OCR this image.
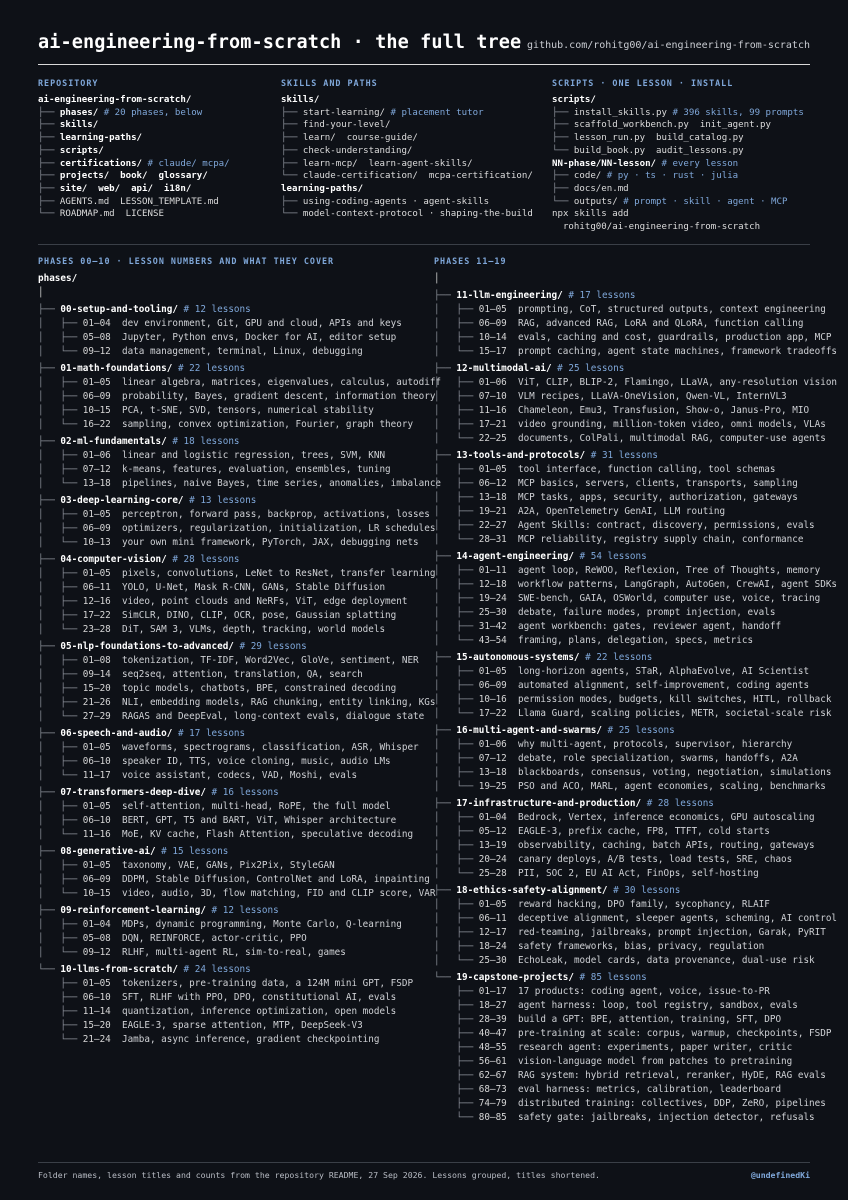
ai-engineering-from-scratch · the full tree github.com/rohitg00/ai-engineering-from-scratch
REPOSITORY
ai-engineering-from-scratch/
├── phases/ # 20 phases, below
├── skills/
├── learning-paths/
├── scripts/
├── certifications/ # claude/ mcpa/
├── projects/  book/  glossary/
├── site/  web/  api/  i18n/
├── AGENTS.md  LESSON_TEMPLATE.md
└── ROADMAP.md  LICENSE
SKILLS AND PATHS
skills/
├── start-learning/ # placement tutor
├── find-your-level/
├── learn/  course-guide/
├── check-understanding/
├── learn-mcp/  learn-agent-skills/
└── claude-certification/  mcpa-certification/
learning-paths/
├── using-coding-agents · agent-skills
└── model-context-protocol · shaping-the-build
SCRIPTS · ONE LESSON · INSTALL
scripts/
├── install_skills.py # 396 skills, 99 prompts
├── scaffold_workbench.py  init_agent.py
├── lesson_run.py  build_catalog.py
└── build_book.py  audit_lessons.py
NN-phase/NN-lesson/ # every lesson
├── code/ # py · ts · rust · julia
├── docs/en.md
└── outputs/ # prompt · skill · agent · MCP
npx skills add
rohitg00/ai-engineering-from-scratch
PHASES 00–10 · LESSON NUMBERS AND WHAT THEY COVER
phases/
│
├── 00-setup-and-tooling/ # 12 lessons
│   ├── 01–04 dev environment, Git, GPU and cloud, APIs and keys
│   ├── 05–08 Jupyter, Python envs, Docker for AI, editor setup
│   └── 09–12 data management, terminal, Linux, debugging
├── 01-math-foundations/ # 22 lessons
│   ├── 01–05 linear algebra, matrices, eigenvalues, calculus, autodiff
│   ├── 06–09 probability, Bayes, gradient descent, information theory
│   ├── 10–15 PCA, t-SNE, SVD, tensors, numerical stability
│   └── 16–22 sampling, convex optimization, Fourier, graph theory
├── 02-ml-fundamentals/ # 18 lessons
│   ├── 01–06 linear and logistic regression, trees, SVM, KNN
│   ├── 07–12 k-means, features, evaluation, ensembles, tuning
│   └── 13–18 pipelines, naive Bayes, time series, anomalies, imbalance
├── 03-deep-learning-core/ # 13 lessons
│   ├── 01–05 perceptron, forward pass, backprop, activations, losses
│   ├── 06–09 optimizers, regularization, initialization, LR schedules
│   └── 10–13 your own mini framework, PyTorch, JAX, debugging nets
├── 04-computer-vision/ # 28 lessons
│   ├── 01–05 pixels, convolutions, LeNet to ResNet, transfer learning
│   ├── 06–11 YOLO, U-Net, Mask R-CNN, GANs, Stable Diffusion
│   ├── 12–16 video, point clouds and NeRFs, ViT, edge deployment
│   ├── 17–22 SimCLR, DINO, CLIP, OCR, pose, Gaussian splatting
│   └── 23–28 DiT, SAM 3, VLMs, depth, tracking, world models
├── 05-nlp-foundations-to-advanced/ # 29 lessons
│   ├── 01–08 tokenization, TF-IDF, Word2Vec, GloVe, sentiment, NER
│   ├── 09–14 seq2seq, attention, translation, QA, search
│   ├── 15–20 topic models, chatbots, BPE, constrained decoding
│   ├── 21–26 NLI, embedding models, RAG chunking, entity linking, KGs
│   └── 27–29 RAGAS and DeepEval, long-context evals, dialogue state
├── 06-speech-and-audio/ # 17 lessons
│   ├── 01–05 waveforms, spectrograms, classification, ASR, Whisper
│   ├── 06–10 speaker ID, TTS, voice cloning, music, audio LMs
│   └── 11–17 voice assistant, codecs, VAD, Moshi, evals
├── 07-transformers-deep-dive/ # 16 lessons
│   ├── 01–05 self-attention, multi-head, RoPE, the full model
│   ├── 06–10 BERT, GPT, T5 and BART, ViT, Whisper architecture
│   └── 11–16 MoE, KV cache, Flash Attention, speculative decoding
├── 08-generative-ai/ # 15 lessons
│   ├── 01–05 taxonomy, VAE, GANs, Pix2Pix, StyleGAN
│   ├── 06–09 DDPM, Stable Diffusion, ControlNet and LoRA, inpainting
│   └── 10–15 video, audio, 3D, flow matching, FID and CLIP score, VAR
├── 09-reinforcement-learning/ # 12 lessons
│   ├── 01–04 MDPs, dynamic programming, Monte Carlo, Q-learning
│   ├── 05–08 DQN, REINFORCE, actor-critic, PPO
│   └── 09–12 RLHF, multi-agent RL, sim-to-real, games
└── 10-llms-from-scratch/ # 24 lessons
├── 01–05 tokenizers, pre-training data, a 124M mini GPT, FSDP
├── 06–10 SFT, RLHF with PPO, DPO, constitutional AI, evals
├── 11–14 quantization, inference optimization, open models
├── 15–20 EAGLE-3, sparse attention, MTP, DeepSeek-V3
└── 21–24 Jamba, async inference, gradient checkpointing
PHASES 11–19
│
├── 11-llm-engineering/ # 17 lessons
│   ├── 01–05 prompting, CoT, structured outputs, context engineering
│   ├── 06–09 RAG, advanced RAG, LoRA and QLoRA, function calling
│   ├── 10–14 evals, caching and cost, guardrails, production app, MCP
│   └── 15–17 prompt caching, agent state machines, framework tradeoffs
├── 12-multimodal-ai/ # 25 lessons
│   ├── 01–06 ViT, CLIP, BLIP-2, Flamingo, LLaVA, any-resolution vision
│   ├── 07–10 VLM recipes, LLaVA-OneVision, Qwen-VL, InternVL3
│   ├── 11–16 Chameleon, Emu3, Transfusion, Show-o, Janus-Pro, MIO
│   ├── 17–21 video grounding, million-token video, omni models, VLAs
│   └── 22–25 documents, ColPali, multimodal RAG, computer-use agents
├── 13-tools-and-protocols/ # 31 lessons
│   ├── 01–05 tool interface, function calling, tool schemas
│   ├── 06–12 MCP basics, servers, clients, transports, sampling
│   ├── 13–18 MCP tasks, apps, security, authorization, gateways
│   ├── 19–21 A2A, OpenTelemetry GenAI, LLM routing
│   ├── 22–27 Agent Skills: contract, discovery, permissions, evals
│   └── 28–31 MCP reliability, registry supply chain, conformance
├── 14-agent-engineering/ # 54 lessons
│   ├── 01–11 agent loop, ReWOO, Reflexion, Tree of Thoughts, memory
│   ├── 12–18 workflow patterns, LangGraph, AutoGen, CrewAI, agent SDKs
│   ├── 19–24 SWE-bench, GAIA, OSWorld, computer use, voice, tracing
│   ├── 25–30 debate, failure modes, prompt injection, evals
│   ├── 31–42 agent workbench: gates, reviewer agent, handoff
│   └── 43–54 framing, plans, delegation, specs, metrics
├── 15-autonomous-systems/ # 22 lessons
│   ├── 01–05 long-horizon agents, STaR, AlphaEvolve, AI Scientist
│   ├── 06–09 automated alignment, self-improvement, coding agents
│   ├── 10–16 permission modes, budgets, kill switches, HITL, rollback
│   └── 17–22 Llama Guard, scaling policies, METR, societal-scale risk
├── 16-multi-agent-and-swarms/ # 25 lessons
│   ├── 01–06 why multi-agent, protocols, supervisor, hierarchy
│   ├── 07–12 debate, role specialization, swarms, handoffs, A2A
│   ├── 13–18 blackboards, consensus, voting, negotiation, simulations
│   └── 19–25 PSO and ACO, MARL, agent economies, scaling, benchmarks
├── 17-infrastructure-and-production/ # 28 lessons
│   ├── 01–04 Bedrock, Vertex, inference economics, GPU autoscaling
│   ├── 05–12 EAGLE-3, prefix cache, FP8, TTFT, cold starts
│   ├── 13–19 observability, caching, batch APIs, routing, gateways
│   ├── 20–24 canary deploys, A/B tests, load tests, SRE, chaos
│   └── 25–28 PII, SOC 2, EU AI Act, FinOps, self-hosting
├── 18-ethics-safety-alignment/ # 30 lessons
│   ├── 01–05 reward hacking, DPO family, sycophancy, RLAIF
│   ├── 06–11 deceptive alignment, sleeper agents, scheming, AI control
│   ├── 12–17 red-teaming, jailbreaks, prompt injection, Garak, PyRIT
│   ├── 18–24 safety frameworks, bias, privacy, regulation
│   └── 25–30 EchoLeak, model cards, data provenance, dual-use risk
└── 19-capstone-projects/ # 85 lessons
├── 01–17 17 products: coding agent, voice, issue-to-PR
├── 18–27 agent harness: loop, tool registry, sandbox, evals
├── 28–39 build a GPT: BPE, attention, training, SFT, DPO
├── 40–47 pre-training at scale: corpus, warmup, checkpoints, FSDP
├── 48–55 research agent: experiments, paper writer, critic
├── 56–61 vision-language model from patches to pretraining
├── 62–67 RAG system: hybrid retrieval, reranker, HyDE, RAG evals
├── 68–73 eval harness: metrics, calibration, leaderboard
├── 74–79 distributed training: collectives, DDP, ZeRO, pipelines
└── 80–85 safety gate: jailbreaks, injection detector, refusals
Folder names, lesson titles and counts from the repository README, 27 Sep 2026. Lessons grouped, titles shortened.	@undefinedKi
